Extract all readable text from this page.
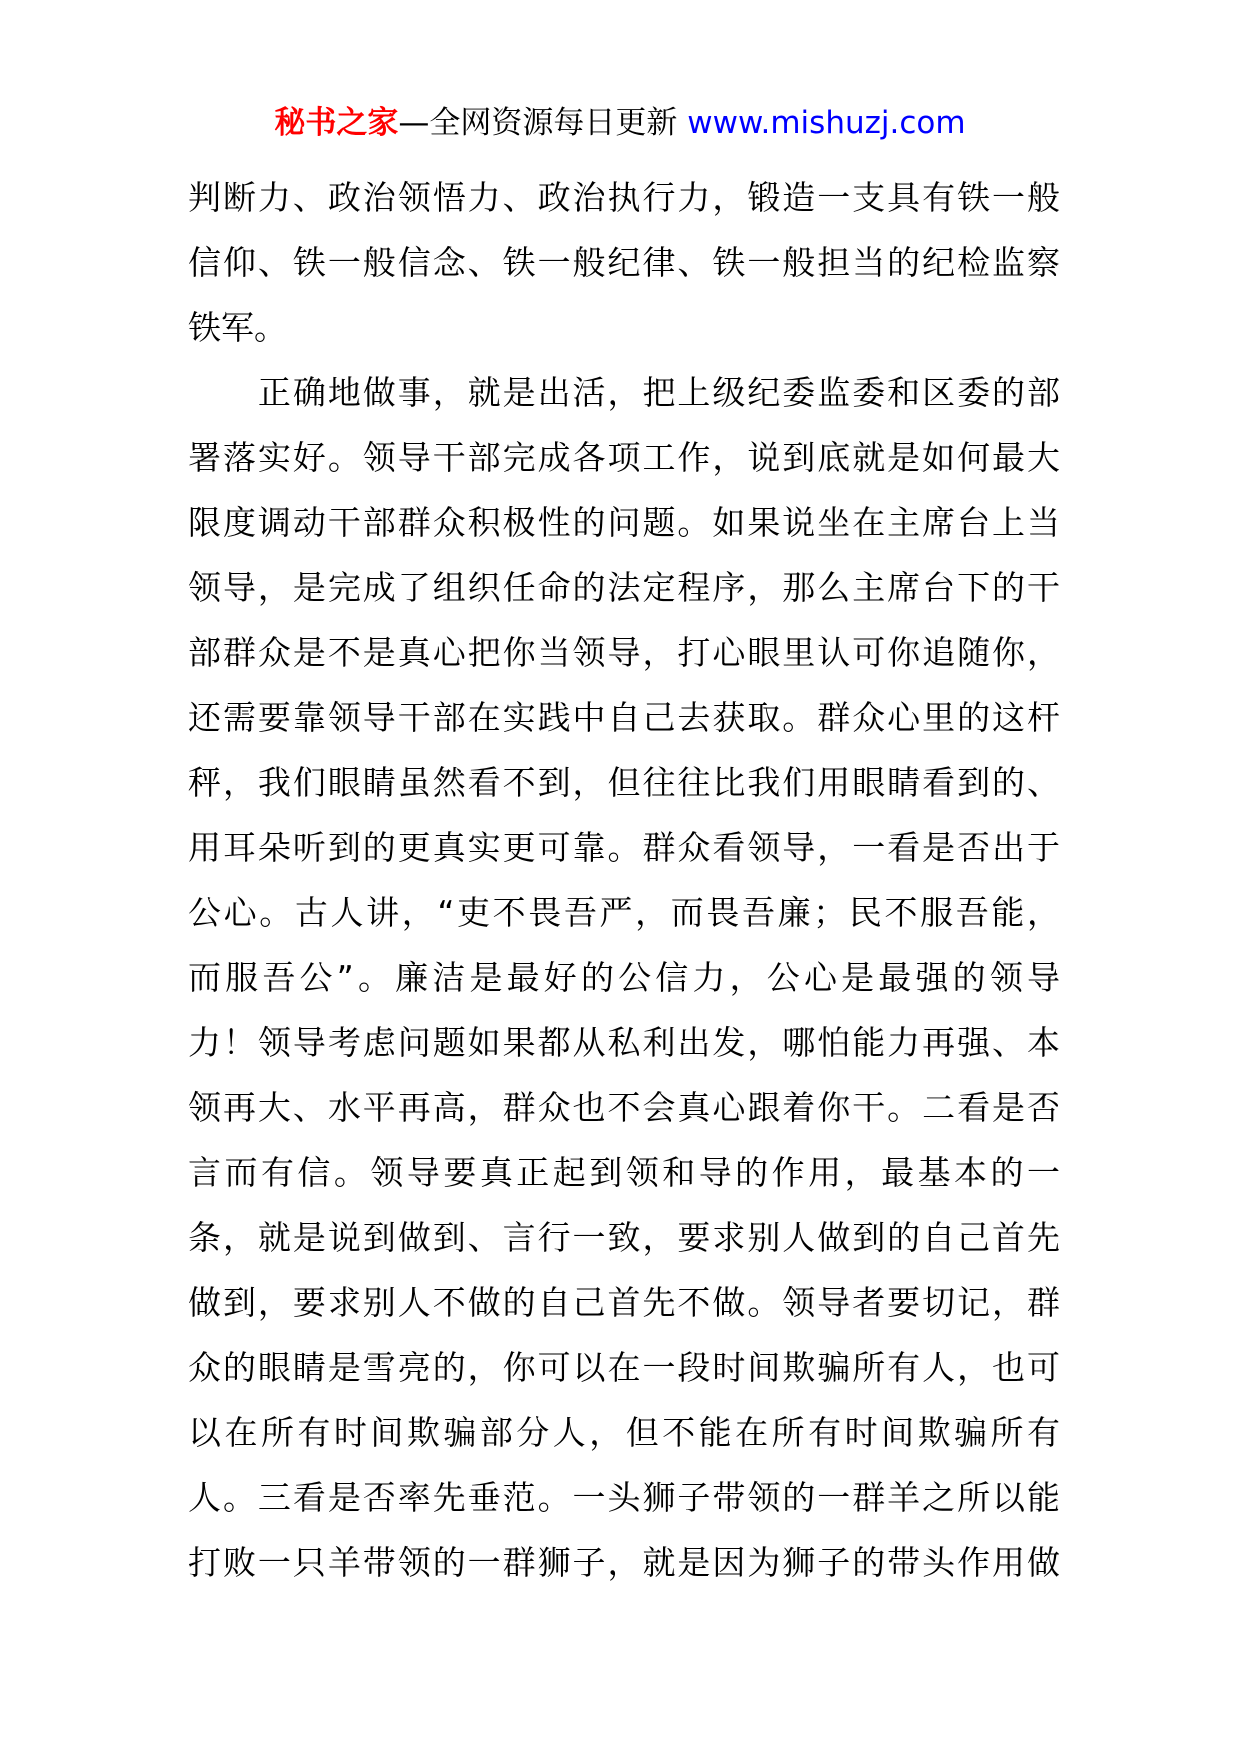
秘书之家—全网资源每日更新 www.mishuzj.com
判断力、政治领悟力、政治执行力，锻造一支具有铁一般
信仰、铁一般信念、铁一般纪律、铁一般担当的纪检监察
铁军。
　　正确地做事，就是出活，把上级纪委监委和区委的部
署落实好。领导干部完成各项工作，说到底就是如何最大
限度调动干部群众积极性的问题。如果说坐在主席台上当
领导，是完成了组织任命的法定程序，那么主席台下的干
部群众是不是真心把你当领导，打心眼里认可你追随你，
还需要靠领导干部在实践中自己去获取。群众心里的这杆
秤，我们眼睛虽然看不到，但往往比我们用眼睛看到的、
用耳朵听到的更真实更可靠。群众看领导，一看是否出于
公心。古人讲，“吏不畏吾严，而畏吾廉；民不服吾能，
而服吾公”。廉洁是最好的公信力，公心是最强的领导
力！领导考虑问题如果都从私利出发，哪怕能力再强、本
领再大、水平再高，群众也不会真心跟着你干。二看是否
言而有信。领导要真正起到领和导的作用，最基本的一
条，就是说到做到、言行一致，要求别人做到的自己首先
做到，要求别人不做的自己首先不做。领导者要切记，群
众的眼睛是雪亮的，你可以在一段时间欺骗所有人，也可
以在所有时间欺骗部分人，但不能在所有时间欺骗所有
人。三看是否率先垂范。一头狮子带领的一群羊之所以能
打败一只羊带领的一群狮子，就是因为狮子的带头作用做
